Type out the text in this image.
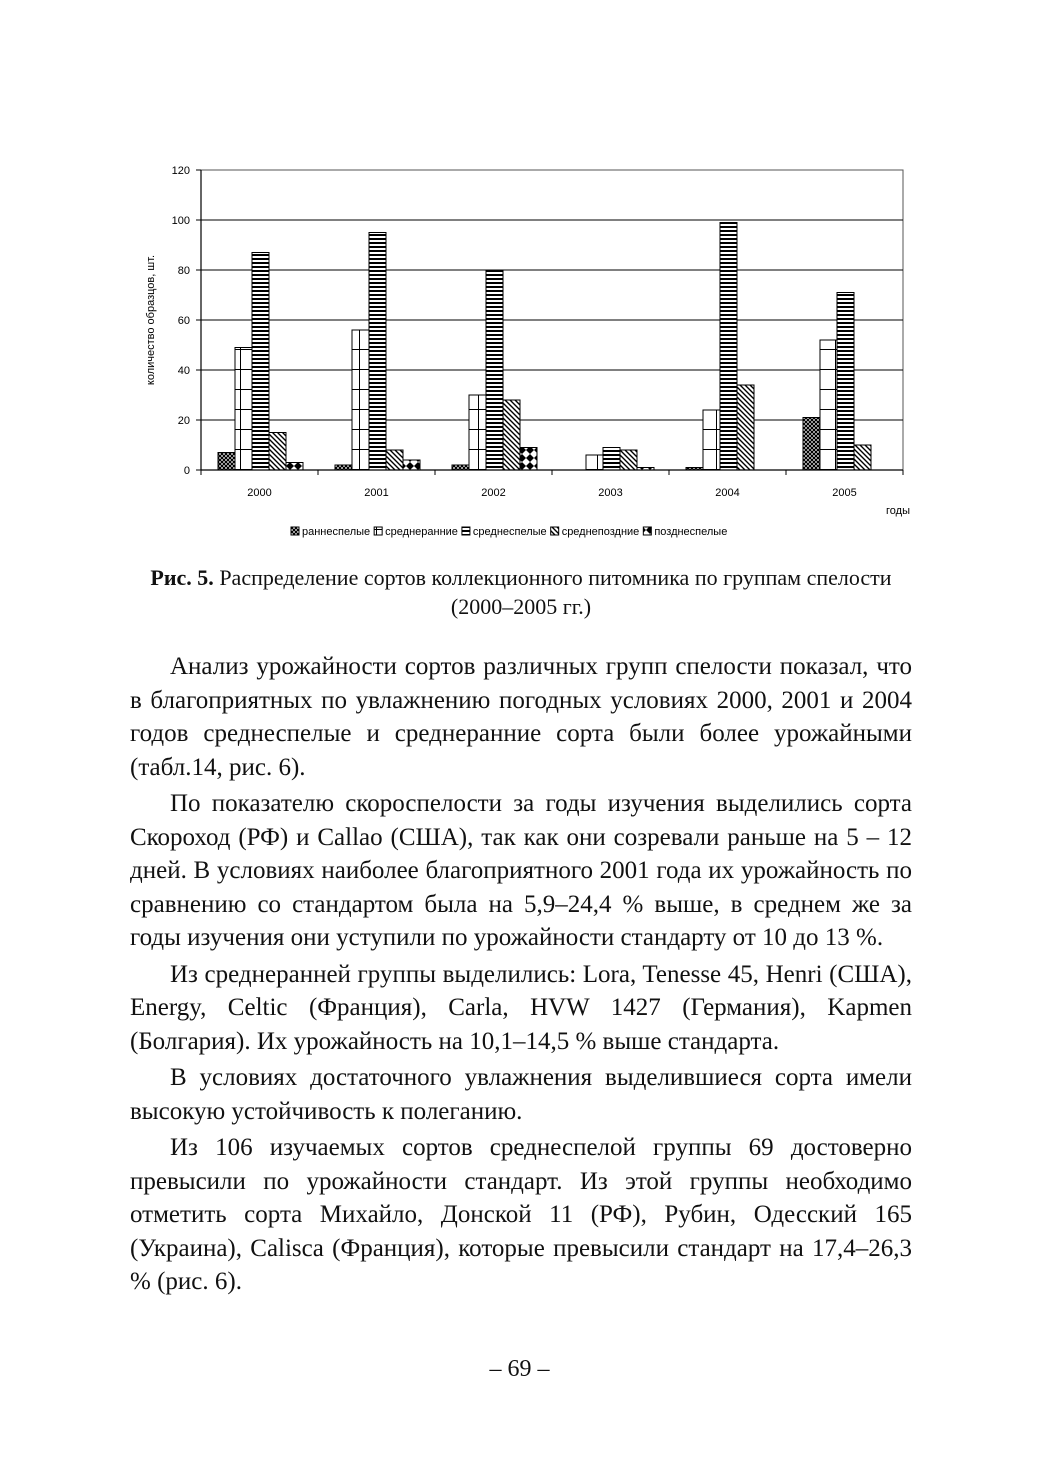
0
20
40
60
80
100
120
2000	2001	2002	2003	2004	2005
количество образцов, шт.
годы
раннеспелые среднеранние среднеспелые среднепоздние позднеспелые
Рис. 5. Распределение сортов коллекционного питомника по группам спелости (2000–2005 гг.)

Анализ урожайности сортов различных групп спелости показал, что в благоприятных по увлажнению погодных условиях 2000, 2001 и 2004 годов среднеспелые и среднеранние сорта были более урожайными (табл.14, рис. 6).

По показателю скороспелости за годы изучения выделились сорта Скороход (РФ) и Callao (США), так как они созревали раньше на 5 – 12 дней. В условиях наиболее благоприятного 2001 года их урожайность по сравнению со стандартом была на 5,9–24,4 % выше, в среднем же за годы изучения они уступили по урожайности стандарту от 10 до 13 %.

Из среднеранней группы выделились: Lora, Tenesse 45, Henri (США), Energy, Celtic (Франция), Carla, HVW 1427 (Германия), Kapmen (Болгария). Их урожайность на 10,1–14,5 % выше стандарта.

В условиях достаточного увлажнения выделившиеся сорта имели высокую устойчивость к полеганию.

Из 106 изучаемых сортов среднеспелой группы 69 достоверно превысили по урожайности стандарт. Из этой группы необходимо отметить сорта Михайло, Донской 11 (РФ), Рубин, Одесский 165 (Украина), Calisca (Франция), которые превысили стандарт на 17,4–26,3 % (рис. 6).

– 69 –
